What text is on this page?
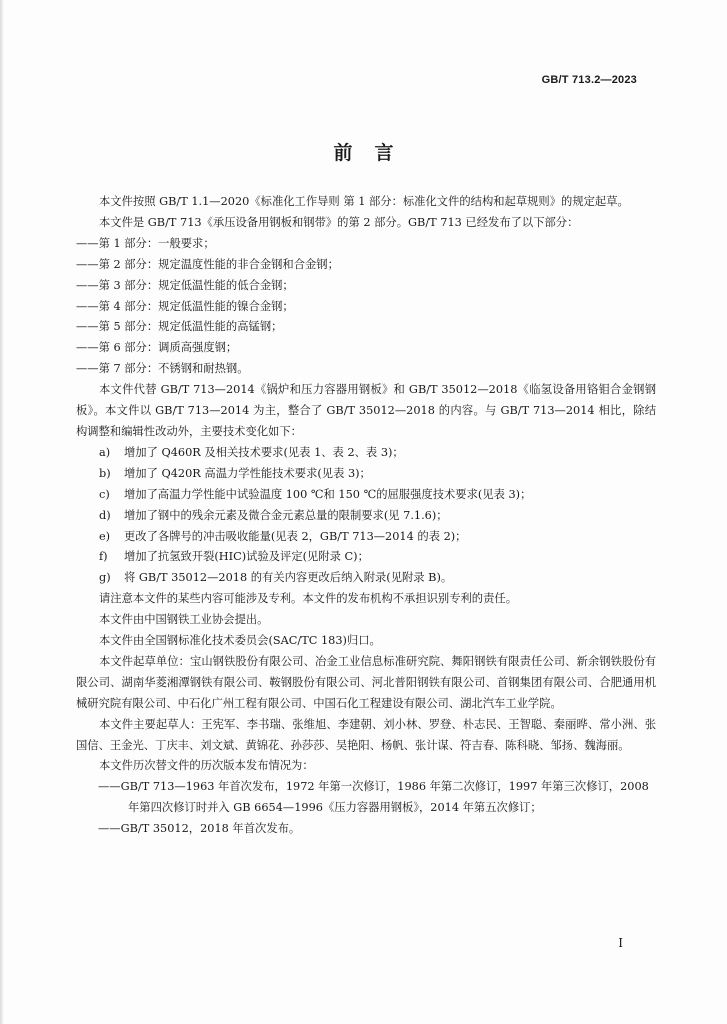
GB/T 713.2—2023
前言

本文件按照 GB/T 1.1—2020《标准化工作导则 第 1 部分：标准化文件的结构和起草规则》的规定起草。

本文件是 GB/T 713《承压设备用钢板和钢带》的第 2 部分。GB/T 713 已经发布了以下部分：

——第 1 部分：一般要求；

——第 2 部分：规定温度性能的非合金钢和合金钢；

——第 3 部分：规定低温性能的低合金钢；

——第 4 部分：规定低温性能的镍合金钢；

——第 5 部分：规定低温性能的高锰钢；

——第 6 部分：调质高强度钢；

——第 7 部分：不锈钢和耐热钢。

本文件代替 GB/T 713—2014《锅炉和压力容器用钢板》和 GB/T 35012—2018《临氢设备用铬钼合金钢钢板》。本文件以 GB/T 713—2014 为主，整合了 GB/T 35012—2018 的内容。与 GB/T 713—2014 相比，除结构调整和编辑性改动外，主要技术变化如下：

a) 增加了 Q460R 及相关技术要求(见表 1、表 2、表 3)；

b) 增加了 Q420R 高温力学性能技术要求(见表 3)；

c) 增加了高温力学性能中试验温度 100 ℃和 150 ℃的屈服强度技术要求(见表 3)；

d) 增加了钢中的残余元素及微合金元素总量的限制要求(见 7.1.6)；

e) 更改了各牌号的冲击吸收能量(见表 2，GB/T 713—2014 的表 2)；

f) 增加了抗氢致开裂(HIC)试验及评定(见附录 C)；

g) 将 GB/T 35012—2018 的有关内容更改后纳入附录(见附录 B)。

请注意本文件的某些内容可能涉及专利。本文件的发布机构不承担识别专利的责任。

本文件由中国钢铁工业协会提出。

本文件由全国钢标准化技术委员会(SAC/TC 183)归口。

本文件起草单位：宝山钢铁股份有限公司、冶金工业信息标准研究院、舞阳钢铁有限责任公司、新余钢铁股份有限公司、湖南华菱湘潭钢铁有限公司、鞍钢股份有限公司、河北普阳钢铁有限公司、首钢集团有限公司、合肥通用机械研究院有限公司、中石化广州工程有限公司、中国石化工程建设有限公司、湖北汽车工业学院。

本文件主要起草人：王宪军、李书瑞、张维旭、李建朝、刘小林、罗登、朴志民、王智聪、秦丽晔、常小洲、张国信、王金光、丁庆丰、刘文斌、黄锦花、孙莎莎、吴艳阳、杨帆、张计谋、符吉春、陈科晓、邹扬、魏海丽。

本文件历次替文件的历次版本发布情况为：

——GB/T 713—1963 年首次发布，1972 年第一次修订，1986 年第二次修订，1997 年第三次修订，2008 年第四次修订时并入 GB 6654—1996《压力容器用钢板》，2014 年第五次修订；

——GB/T 35012，2018 年首次发布。

I
